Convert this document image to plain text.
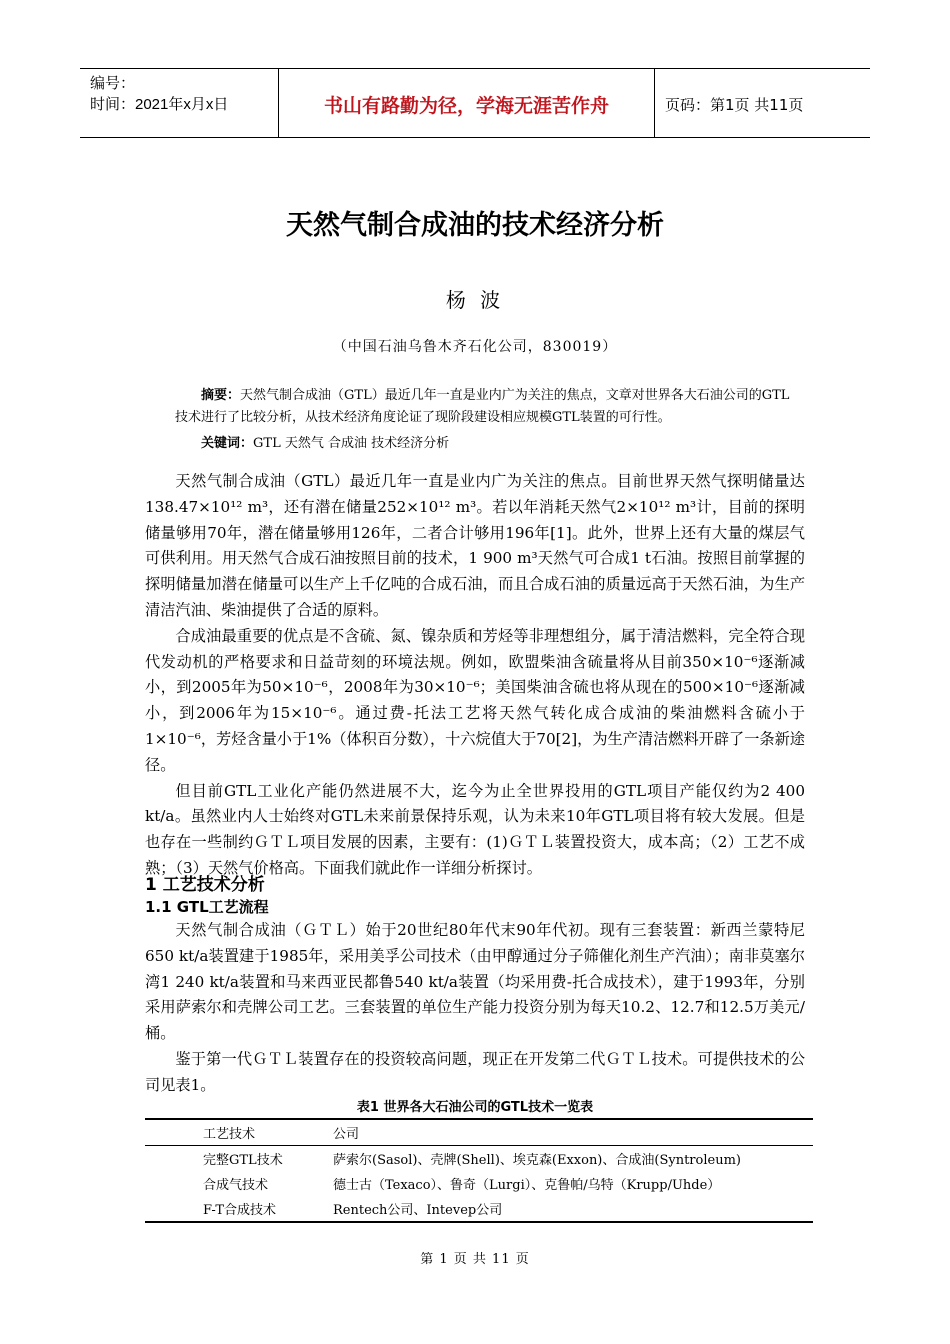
编号：
时间：2021年x月x日	书山有路勤为径，学海无涯苦作舟	页码：第1页 共11页
天然气制合成油的技术经济分析
杨 波
（中国石油乌鲁木齐石化公司，830019）
摘要：天然气制合成油（GTL）最近几年一直是业内广为关注的焦点，文章对世界各大石油公司的GTL技术进行了比较分析，从技术经济角度论证了现阶段建设相应规模GTL装置的可行性。
关键词：GTL 天然气 合成油 技术经济分析

天然气制合成油（GTL）最近几年一直是业内广为关注的焦点。目前世界天然气探明储量达138.47×10¹² m³，还有潜在储量252×10¹² m³。若以年消耗天然气2×10¹² m³计，目前的探明储量够用70年，潜在储量够用126年，二者合计够用196年[1]。此外，世界上还有大量的煤层气可供利用。用天然气合成石油按照目前的技术，1 900 m³天然气可合成1 t石油。按照目前掌握的探明储量加潜在储量可以生产上千亿吨的合成石油，而且合成石油的质量远高于天然石油，为生产清洁汽油、柴油提供了合适的原料。

合成油最重要的优点是不含硫、氮、镍杂质和芳烃等非理想组分，属于清洁燃料，完全符合现代发动机的严格要求和日益苛刻的环境法规。例如，欧盟柴油含硫量将从目前350×10⁻⁶逐渐减小，到2005年为50×10⁻⁶，2008年为30×10⁻⁶；美国柴油含硫也将从现在的500×10⁻⁶逐渐减小，到2006年为15×10⁻⁶。通过费-托法工艺将天然气转化成合成油的柴油燃料含硫小于1×10⁻⁶，芳烃含量小于1%（体积百分数），十六烷值大于70[2]，为生产清洁燃料开辟了一条新途径。

但目前GTL工业化产能仍然进展不大，迄今为止全世界投用的GTL项目产能仅约为2 400 kt/a。虽然业内人士始终对GTL未来前景保持乐观，认为未来10年GTL项目将有较大发展。但是也存在一些制约ＧＴＬ项目发展的因素，主要有：(1)ＧＴＬ装置投资大，成本高；（2）工艺不成熟；（3）天然气价格高。下面我们就此作一详细分析探讨。

1 工艺技术分析
1.1 GTL工艺流程

天然气制合成油（ＧＴＬ）始于20世纪80年代末90年代初。现有三套装置：新西兰蒙特尼650 kt/a装置建于1985年，采用美孚公司技术（由甲醇通过分子筛催化剂生产汽油）；南非莫塞尔湾1 240 kt/a装置和马来西亚民都鲁540 kt/a装置（均采用费-托合成技术），建于1993年，分别采用萨索尔和壳牌公司工艺。三套装置的单位生产能力投资分别为每天10.2、12.7和12.5万美元/桶。

鉴于第一代ＧＴＬ装置存在的投资较高问题，现正在开发第二代ＧＴＬ技术。可提供技术的公司见表1。

表1 世界各大石油公司的GTL技术一览表
工艺技术	公司
完整GTL技术	萨索尔(Sasol)、壳牌(Shell)、埃克森(Exxon)、合成油(Syntroleum)
合成气技术	德士古（Texaco）、鲁奇（Lurgi）、克鲁帕/乌特（Krupp/Uhde）
F-T合成技术	Rentech公司、Intevep公司
第 1 页 共 11 页
